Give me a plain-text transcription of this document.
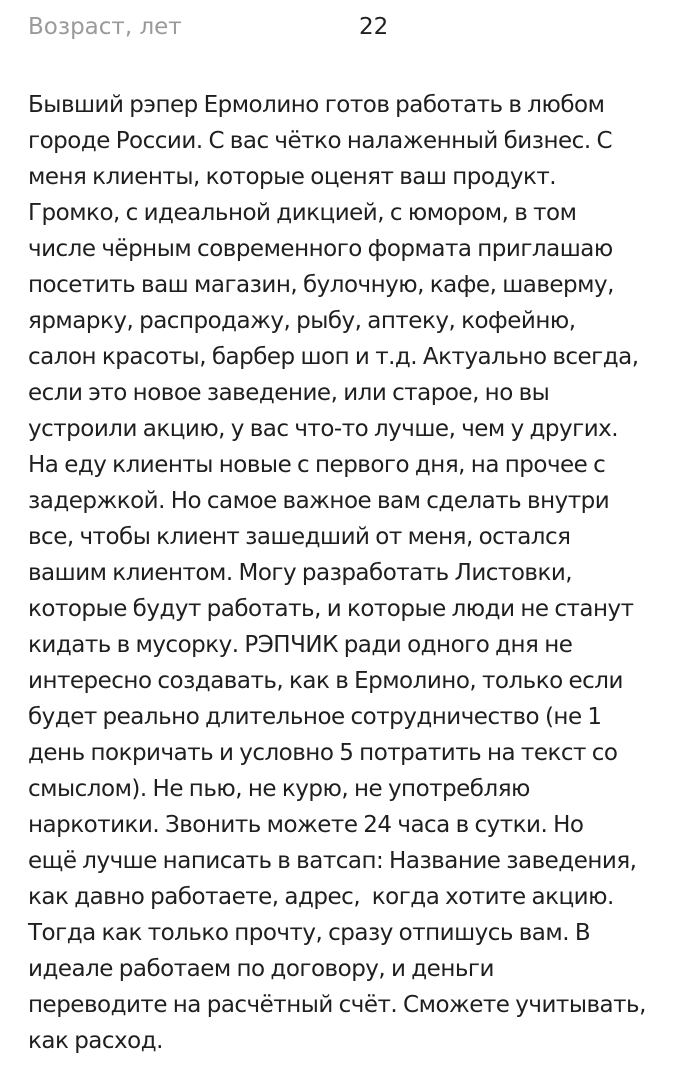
Возраст, лет	22
Бывший рэпер Ермолино готов работать в любом
городе России. С вас чётко налаженный бизнес. С
меня клиенты, которые оценят ваш продукт.
Громко, с идеальной дикцией, с юмором, в том
числе чёрным современного формата приглашаю
посетить ваш магазин, булочную, кафе, шаверму,
ярмарку, распродажу, рыбу, аптеку, кофейню,
салон красоты, барбер шоп и т.д. Актуально всегда,
если это новое заведение, или старое, но вы
устроили акцию, у вас что-то лучше, чем у других.
На еду клиенты новые с первого дня, на прочее с
задержкой. Но самое важное вам сделать внутри
все, чтобы клиент зашедший от меня, остался
вашим клиентом. Могу разработать Листовки,
которые будут работать, и которые люди не станут
кидать в мусорку. РЭПЧИК ради одного дня не
интересно создавать, как в Ермолино, только если
будет реально длительное сотрудничество (не 1
день покричать и условно 5 потратить на текст со
смыслом). Не пью, не курю, не употребляю
наркотики. Звонить можете 24 часа в сутки. Но
ещё лучше написать в ватсап: Название заведения,
как давно работаете, адрес,  когда хотите акцию.
Тогда как только прочту, сразу отпишусь вам. В
идеале работаем по договору, и деньги
переводите на расчётный счёт. Сможете учитывать,
как расход.
